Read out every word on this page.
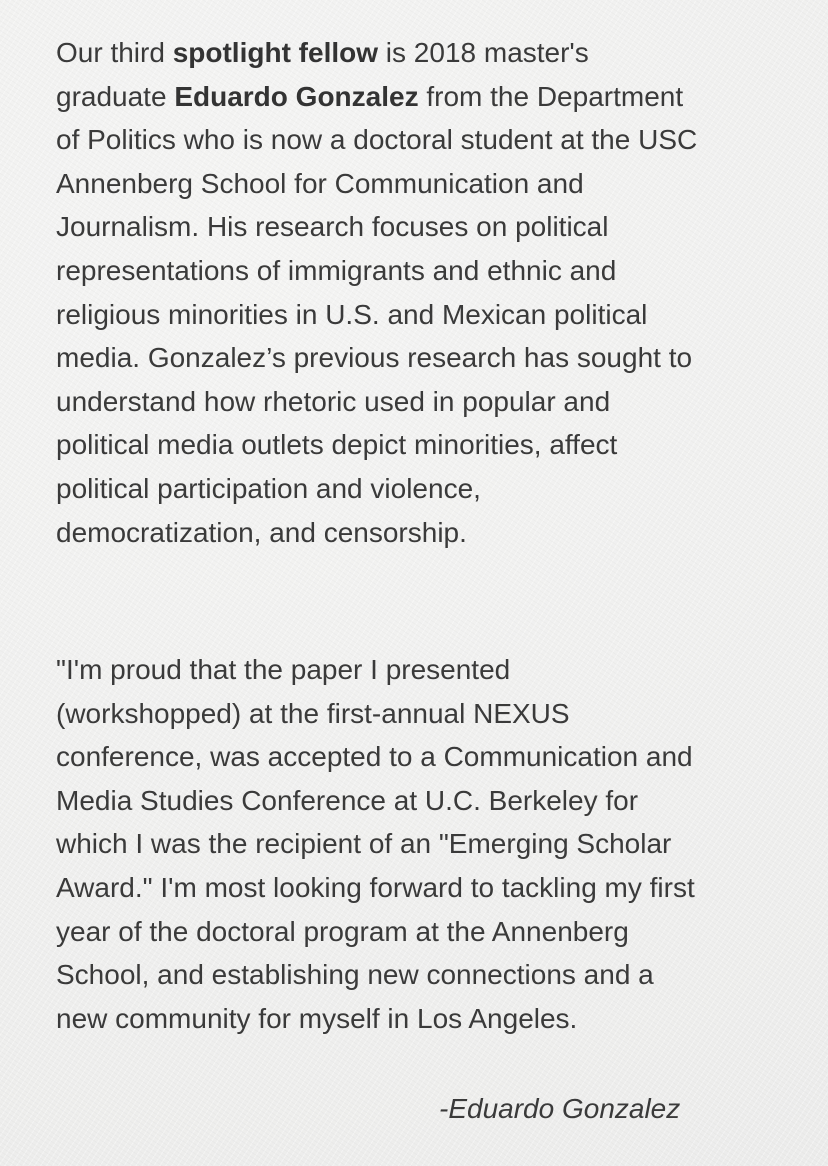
Our third spotlight fellow is 2018 master's
graduate Eduardo Gonzalez from the Department
of Politics who is now a doctoral student at the USC
Annenberg School for Communication and
Journalism. His research focuses on political
representations of immigrants and ethnic and
religious minorities in U.S. and Mexican political
media. Gonzalez’s previous research has sought to
understand how rhetoric used in popular and
political media outlets depict minorities, affect
political participation and violence,
democratization, and censorship.

"I'm proud that the paper I presented
(workshopped) at the first-annual NEXUS
conference, was accepted to a Communication and
Media Studies Conference at U.C. Berkeley for
which I was the recipient of an "Emerging Scholar
Award." I'm most looking forward to tackling my first
year of the doctoral program at the Annenberg
School, and establishing new connections and a
new community for myself in Los Angeles.

-Eduardo Gonzalez
